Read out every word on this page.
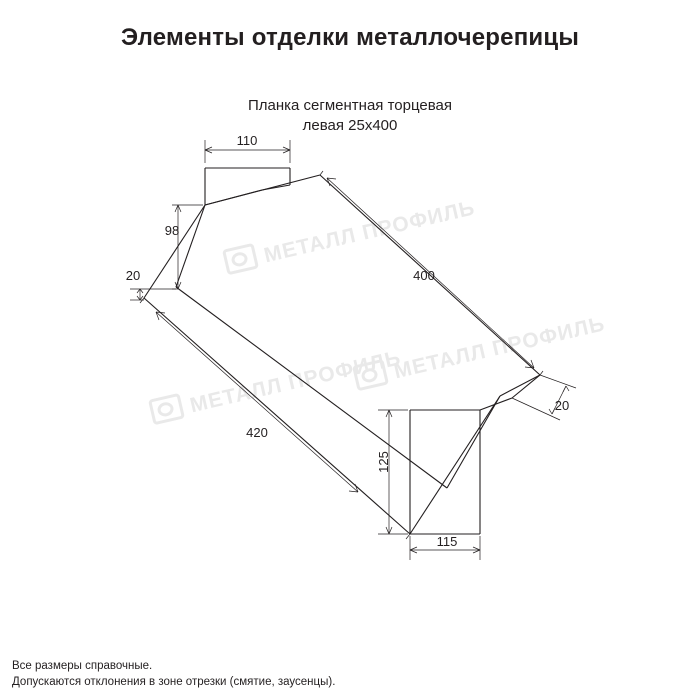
Элементы отделки металлочерепицы
Планка сегментная торцевая
левая 25х400
МЕТАЛЛ ПРОФИЛЬ
МЕТАЛЛ ПРОФИЛЬ
МЕТАЛЛ ПРОФИЛЬ
110
98
20	400
20
420
125
115
Все размеры справочные.
Допускаются отклонения в зоне отрезки (смятие, заусенцы).
